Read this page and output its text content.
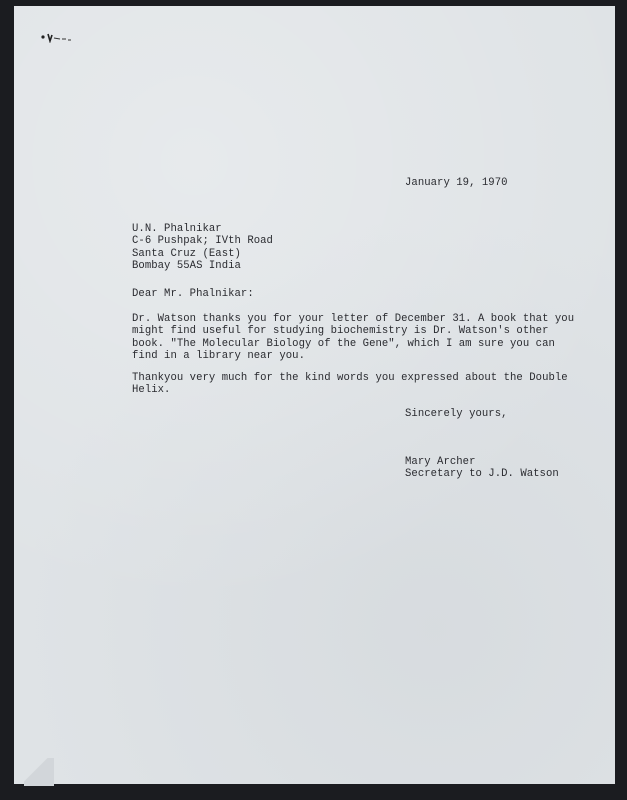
January 19, 1970
U.N. Phalnikar
C-6 Pushpak; IVth Road
Santa Cruz (East)
Bombay 55AS India
Dear Mr. Phalnikar:
Dr. Watson thanks you for your letter of December 31. A book that you
might find useful for studying biochemistry is Dr. Watson's other
book. "The Molecular Biology of the Gene", which I am sure you can
find in a library near you.
Thankyou very much for the kind words you expressed about the Double
Helix.
Sincerely yours,
Mary Archer
Secretary to J.D. Watson
